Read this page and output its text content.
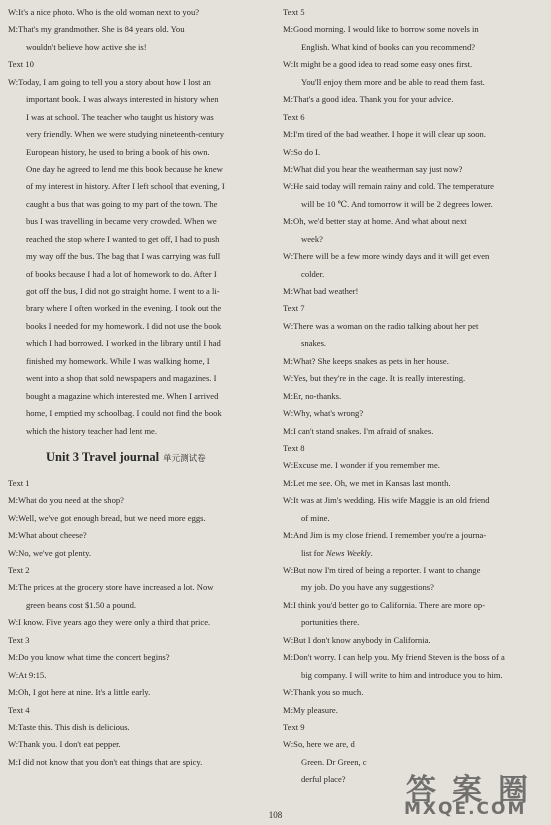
W:It's a nice photo. Who is the old woman next to you?
M:That's my grandmother. She is 84 years old. You
wouldn't believe how active she is!
Text 10
W:Today, I am going to tell you a story about how I lost an
important book. I was always interested in history when
I was at school. The teacher who taught us history was
very friendly. When we were studying nineteenth-century
European history, he used to bring a book of his own.
One day he agreed to lend me this book because he knew
of my interest in history. After I left school that evening, I
caught a bus that was going to my part of the town. The
bus I was travelling in became very crowded. When we
reached the stop where I wanted to get off, I had to push
my way off the bus. The bag that I was carrying was full
of books because I had a lot of homework to do. After I
got off the bus, I did not go straight home. I went to a li-
brary where I often worked in the evening. I took out the
books I needed for my homework. I did not use the book
which I had borrowed. I worked in the library until I had
finished my homework. While I was walking home, I
went into a shop that sold newspapers and magazines. I
bought a magazine which interested me. When I arrived
home, I emptied my schoolbag. I could not find the book
which the history teacher had lent me.
Unit 3 Travel journal 单元测试卷
Text 1
M:What do you need at the shop?
W:Well, we've got enough bread, but we need more eggs.
M:What about cheese?
W:No, we've got plenty.
Text 2
M:The prices at the grocery store have increased a lot. Now
green beans cost $1.50 a pound.
W:I know. Five years ago they were only a third that price.
Text 3
M:Do you know what time the concert begins?
W:At 9:15.
M:Oh, I got here at nine. It's a little early.
Text 4
M:Taste this. This dish is delicious.
W:Thank you. I don't eat pepper.
M:I did not know that you don't eat things that are spicy.
Text 5
M:Good morning. I would like to borrow some novels in
English. What kind of books can you recommend?
W:It might be a good idea to read some easy ones first.
You'll enjoy them more and be able to read them fast.
M:That's a good idea. Thank you for your advice.
Text 6
M:I'm tired of the bad weather. I hope it will clear up soon.
W:So do I.
M:What did you hear the weatherman say just now?
W:He said today will remain rainy and cold. The temperature
will be 10 ℃. And tomorrow it will be 2 degrees lower.
M:Oh, we'd better stay at home. And what about next
week?
W:There will be a few more windy days and it will get even
colder.
M:What bad weather!
Text 7
W:There was a woman on the radio talking about her pet
snakes.
M:What? She keeps snakes as pets in her house.
W:Yes, but they're in the cage. It is really interesting.
M:Er, no-thanks.
W:Why, what's wrong?
M:I can't stand snakes. I'm afraid of snakes.
Text 8
W:Excuse me. I wonder if you remember me.
M:Let me see. Oh, we met in Kansas last month.
W:It was at Jim's wedding. His wife Maggie is an old friend
of mine.
M:And Jim is my close friend. I remember you're a journa-
list for News Weekly.
W:But now I'm tired of being a reporter. I want to change
my job. Do you have any suggestions?
M:I think you'd better go to California. There are more op-
portunities there.
W:But I don't know anybody in California.
M:Don't worry. I can help you. My friend Steven is the boss of a
big company. I will write to him and introduce you to him.
W:Thank you so much.
M:My pleasure.
Text 9
W:So, here we are, d
Green. Dr Green, c
derful place?
108
答 案 圈
MXQE.COM
